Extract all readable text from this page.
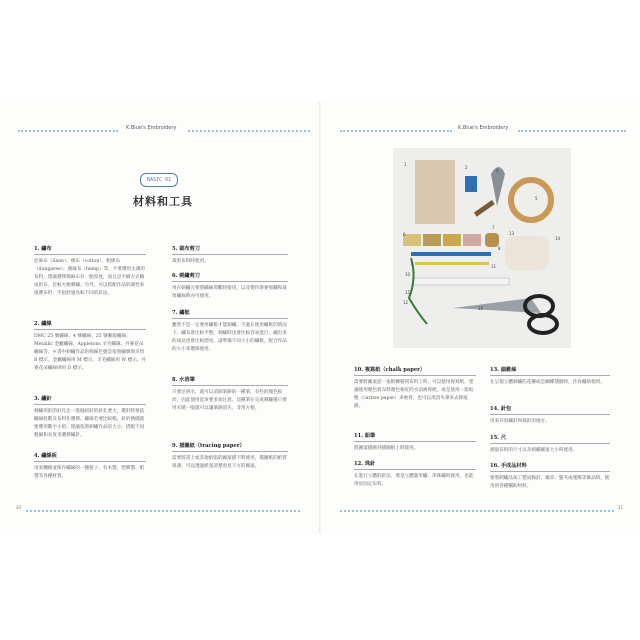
K.Blue's Embroidery	K.Blue's Embroidery
BASIC 01
材料和工具
1. 繡布
亞麻布（linen）、棉布（cotton）、粗棉布（dungaree）、漢麻布（hemp）等，不要選用太薄的布料，建議選擇棉麻布有一點厚度，而且是平織方式織成的布，比較方便刺繡。另外，可以搭配作品的調性來挑選布料，手指舒適為較不同的針法。
2. 繡線
DMC 25 號繡線、4 號繡線、25 號漸層繡線、Metallic 金屬繡線、Appletons 羊毛繡線、丹麥花朵繡線等。＊書中刺繡作品的棉線色號是依照編號與市售 B 標示、金屬繡線用 M 標示、羊毛繡線用 W 標示、丹麥花朵繡線則用 D 標示。
3. 繡針
刺繡用針的針孔比一般縫紉針的針孔要大，選針時要依繡線股數及布料作選擇。繡線若要比較粗，針的號碼就要選用數字小的。建議依照刺繡作品的大小，搭配不同粗細和長度來選擇繡針。
4. 繡線板
用來纏繞並保存繡線的一種板子，有木製、塑膠製、紙製等各種材質。
5. 裁布剪刀
裁剪布料時使用。
6. 刺繡剪刀
用在刺繡完要將繡線剪斷時使用，以及製作斯麥那繡和裁剪繡線時亦可使用。
7. 繡框
雖然不是一定要用繡框才能刺繡，不過在使用繡框的情況下，繡布會比較平整，刺繡時也會比較容易進行，繡出來的成品也會比較漂亮。請準備不同大小的繡框，配合作品的大小來選擇使用。
8. 水消筆
只要沾到水，就可以消除筆跡的一種筆，有些的顏色較淡，因此使用起來要多加注意。這種筆在完成刺繡後只要用水噴一噴就可以讓筆跡消失，非常方便。
9. 描圖紙（tracing paper）
需要將書上或其他紙張的圖案描下時使用，描圖紙的紙質很薄，可以透過紙張清楚看見下方的圖案。
1
2
3
4
5
6
7
8
9
10
11
12
13
14
15
16
10. 複寫紙（chalk paper）
需要將圖案從一張紙轉移到布料上時，可以使用複寫紙，建議使用顏色與布料顏色相近的水消複寫紙，或是使用一般較粗（carbon paper）來複寫，也可以用消失筆來去除痕跡。
11. 鉛筆
將圖案描繪到描圖紙上時使用。
12. 珠針
在進行立體的針法，像是立體葉形繡、串珠繡時使用，也能用於固定布料。
13. 細錐絲
在呈現立體刺繡的花瓣或是蝴蝶翅膀時，作為輔助使用。
14. 針包
用來存放繡針和珠針的地方。
15. 尺
測量布料的尺寸以及刺繡圖案大小時使用。
16. 手成品材料
要將刺繡品加工製成胸針、徽章、髮夾或墜飾等飾品時，使用的各種輔助材料。
20	21
